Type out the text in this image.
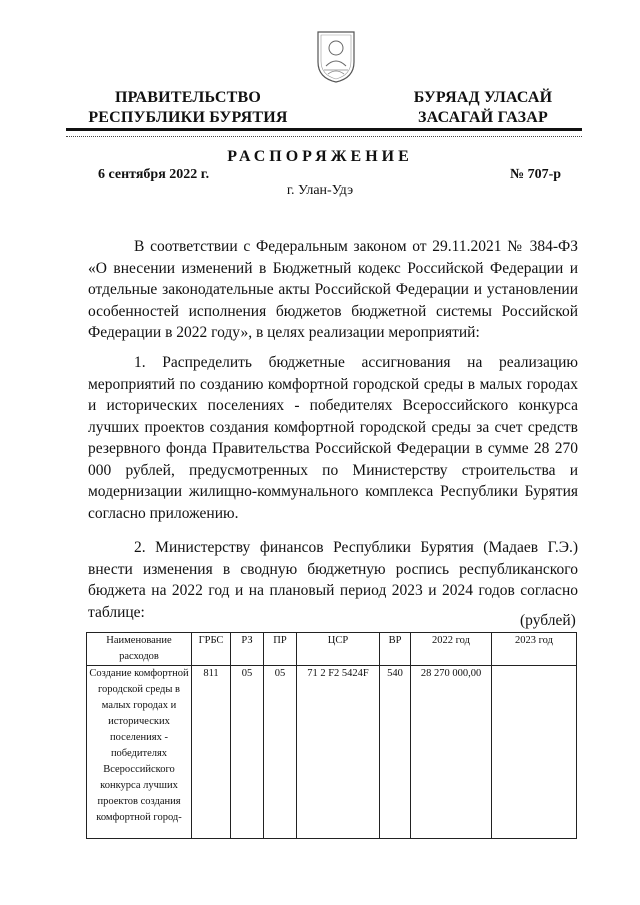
ПРАВИТЕЛЬСТВО
РЕСПУБЛИКИ БУРЯТИЯ
БУРЯАД УЛАСАЙ
ЗАСАГАЙ ГАЗАР
РАСПОРЯЖЕНИЕ
6 сентября 2022 г.	№ 707-р
г. Улан-Удэ

В соответствии с Федеральным законом от 29.11.2021 № 384-ФЗ «О внесении изменений в Бюджетный кодекс Российской Федерации и отдельные законодательные акты Российской Федерации и установлении особенностей исполнения бюджетов бюджетной системы Российской Федерации в 2022 году», в целях реализации мероприятий:

1. Распределить бюджетные ассигнования на реализацию мероприятий по созданию комфортной городской среды в малых городах и исторических поселениях - победителях Всероссийского конкурса лучших проектов создания комфортной городской среды за счет средств резервного фонда Правительства Российской Федерации в сумме 28 270 000 рублей, предусмотренных по Министерству строительства и модернизации жилищно-коммунального комплекса Республики Бурятия согласно приложению.

2. Министерству финансов Республики Бурятия (Мадаев Г.Э.) внести изменения в сводную бюджетную роспись республиканского бюджета на 2022 год и на плановый период 2023 и 2024 годов согласно таблице:	(рублей)
Наименование расходов	ГРБС	РЗ	ПР	ЦСР	ВР	2022 год	2023 год
Создание комфортной городской среды в малых городах и исторических поселениях - победителях Всероссийского конкурса лучших проектов создания комфортной город-	811	05	05	71 2 F2 5424F	540	28 270 000,00	
